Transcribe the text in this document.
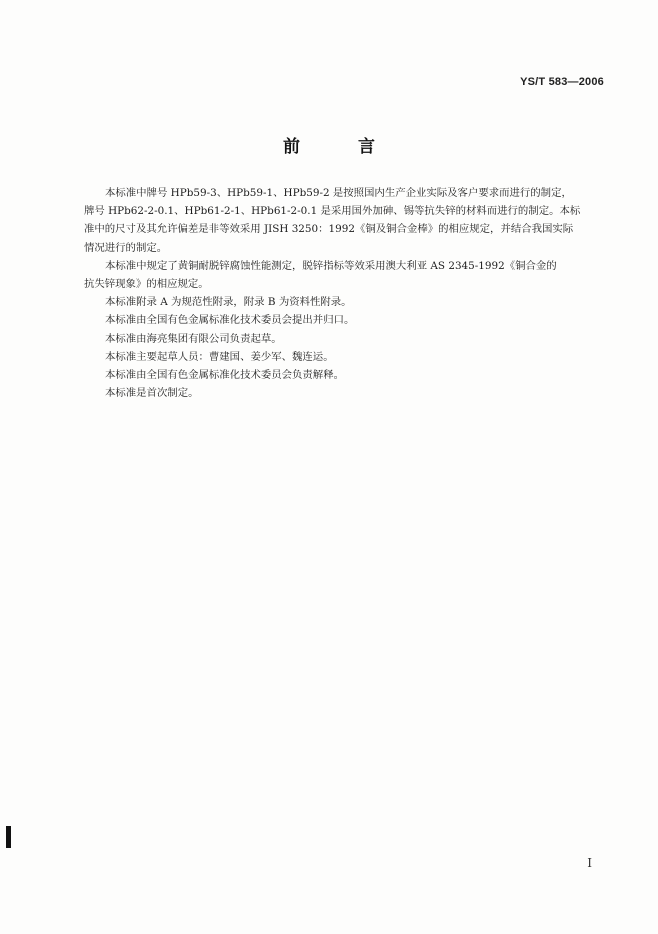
YS/T 583—2006
前 言

本标准中牌号 HPb59-3、HPb59-1、HPb59-2 是按照国内生产企业实际及客户要求而进行的制定，
牌号 HPb62-2-0.1、HPb61-2-1、HPb61-2-0.1 是采用国外加砷、锡等抗失锌的材料而进行的制定。本标
准中的尺寸及其允许偏差是非等效采用 JISH 3250：1992《铜及铜合金棒》的相应规定，并结合我国实际
情况进行的制定。

本标准中规定了黄铜耐脱锌腐蚀性能测定，脱锌指标等效采用澳大利亚 AS 2345-1992《铜合金的
抗失锌现象》的相应规定。

本标准附录 A 为规范性附录，附录 B 为资料性附录。

本标准由全国有色金属标准化技术委员会提出并归口。

本标准由海亮集团有限公司负责起草。

本标准主要起草人员：曹建国、姜少军、魏连运。

本标准由全国有色金属标准化技术委员会负责解释。

本标准是首次制定。

I
